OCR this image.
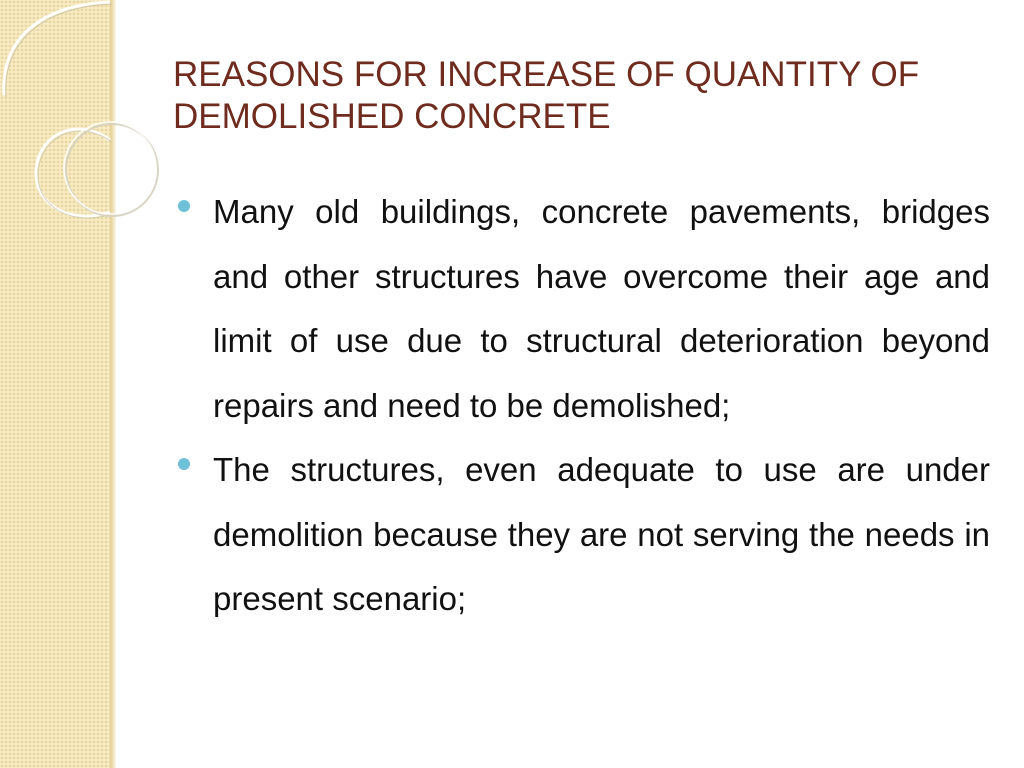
REASONS FOR INCREASE OF QUANTITY OF DEMOLISHED CONCRETE
Many old buildings, concrete pavements, bridges and other structures have overcome their age and limit of use due to structural deterioration beyond repairs and need to be demolished;
The structures, even adequate to use are under demolition because they are not serving the needs in present scenario;
